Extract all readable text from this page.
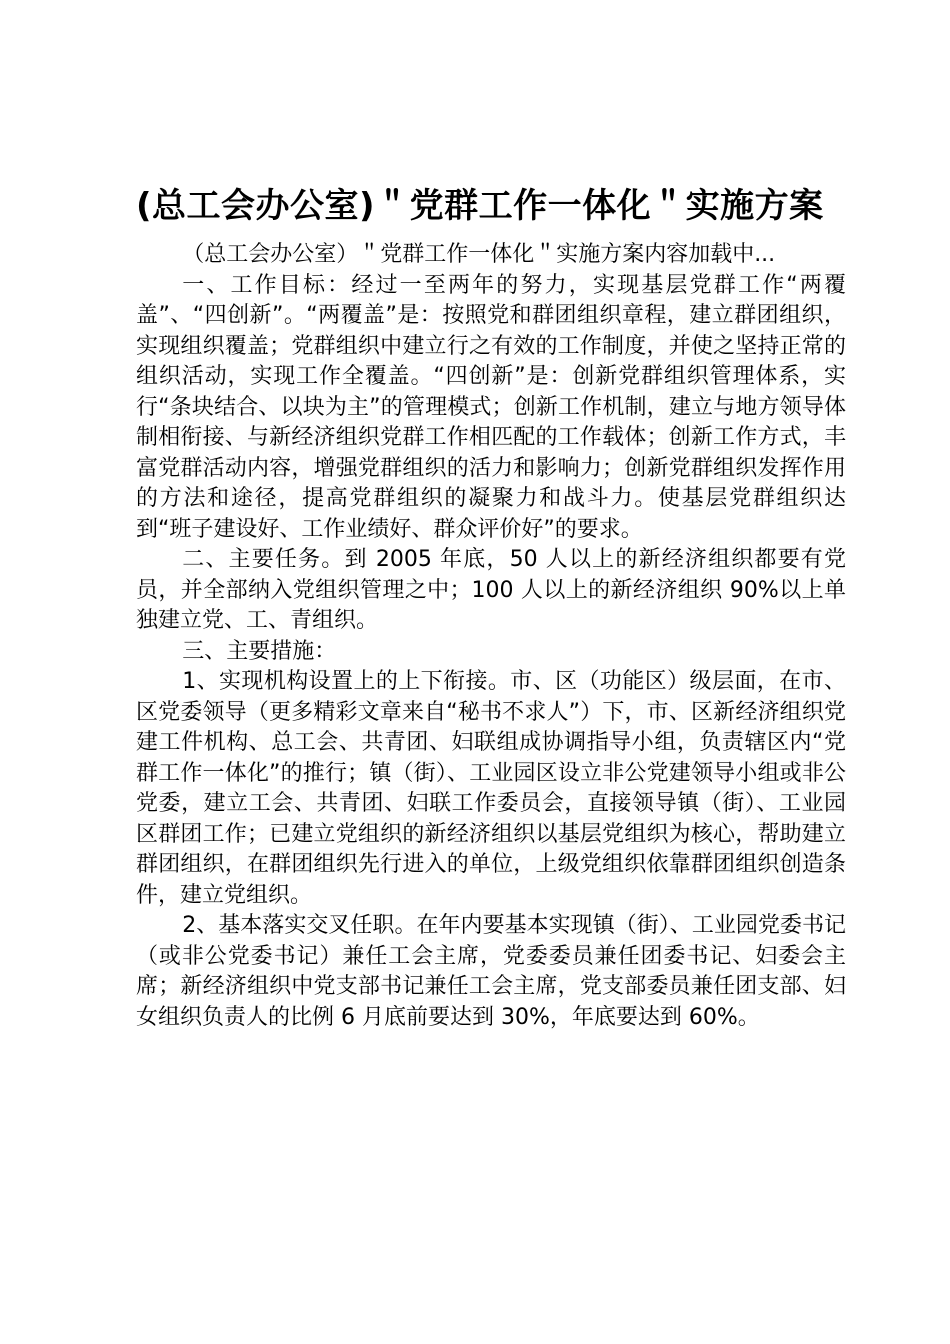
(总工会办公室)＂党群工作一体化＂实施方案

（总工会办公室）＂党群工作一体化＂实施方案内容加载中...

一、工作目标：经过一至两年的努力，实现基层党群工作“两覆盖”、“四创新”。“两覆盖”是：按照党和群团组织章程，建立群团组织，实现组织覆盖；党群组织中建立行之有效的工作制度，并使之坚持正常的组织活动，实现工作全覆盖。“四创新”是：创新党群组织管理体系，实行“条块结合、以块为主”的管理模式；创新工作机制，建立与地方领导体制相衔接、与新经济组织党群工作相匹配的工作载体；创新工作方式，丰富党群活动内容，增强党群组织的活力和影响力；创新党群组织发挥作用的方法和途径，提高党群组织的凝聚力和战斗力。使基层党群组织达到“班子建设好、工作业绩好、群众评价好”的要求。

二、主要任务。到 2005 年底，50 人以上的新经济组织都要有党员，并全部纳入党组织管理之中；100 人以上的新经济组织 90%以上单独建立党、工、青组织。

三、主要措施：

1、实现机构设置上的上下衔接。市、区（功能区）级层面，在市、区党委领导（更多精彩文章来自“秘书不求人”）下，市、区新经济组织党建工件机构、总工会、共青团、妇联组成协调指导小组，负责辖区内“党群工作一体化”的推行；镇（街）、工业园区设立非公党建领导小组或非公党委，建立工会、共青团、妇联工作委员会，直接领导镇（街）、工业园区群团工作；已建立党组织的新经济组织以基层党组织为核心，帮助建立群团组织，在群团组织先行进入的单位，上级党组织依靠群团组织创造条件，建立党组织。

2、基本落实交叉任职。在年内要基本实现镇（街）、工业园党委书记（或非公党委书记）兼任工会主席，党委委员兼任团委书记、妇委会主席；新经济组织中党支部书记兼任工会主席，党支部委员兼任团支部、妇女组织负责人的比例 6 月底前要达到 30%，年底要达到 60%。
